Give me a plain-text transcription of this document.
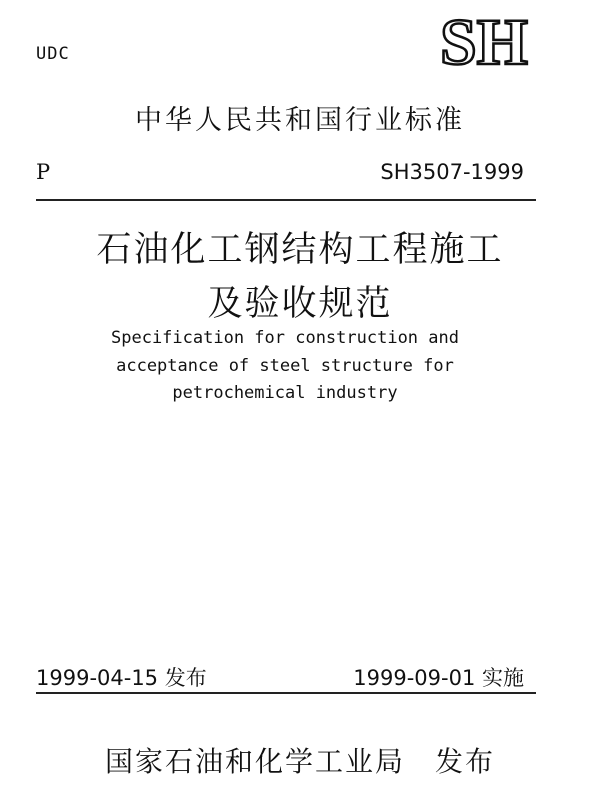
UDC	SH
中华人民共和国行业标准
P	SH3507-1999
石油化工钢结构工程施工
及验收规范
Specification for construction and
acceptance of steel structure for
petrochemical industry
1999-04-15 发布	1999-09-01 实施
国家石油和化学工业局　发布
